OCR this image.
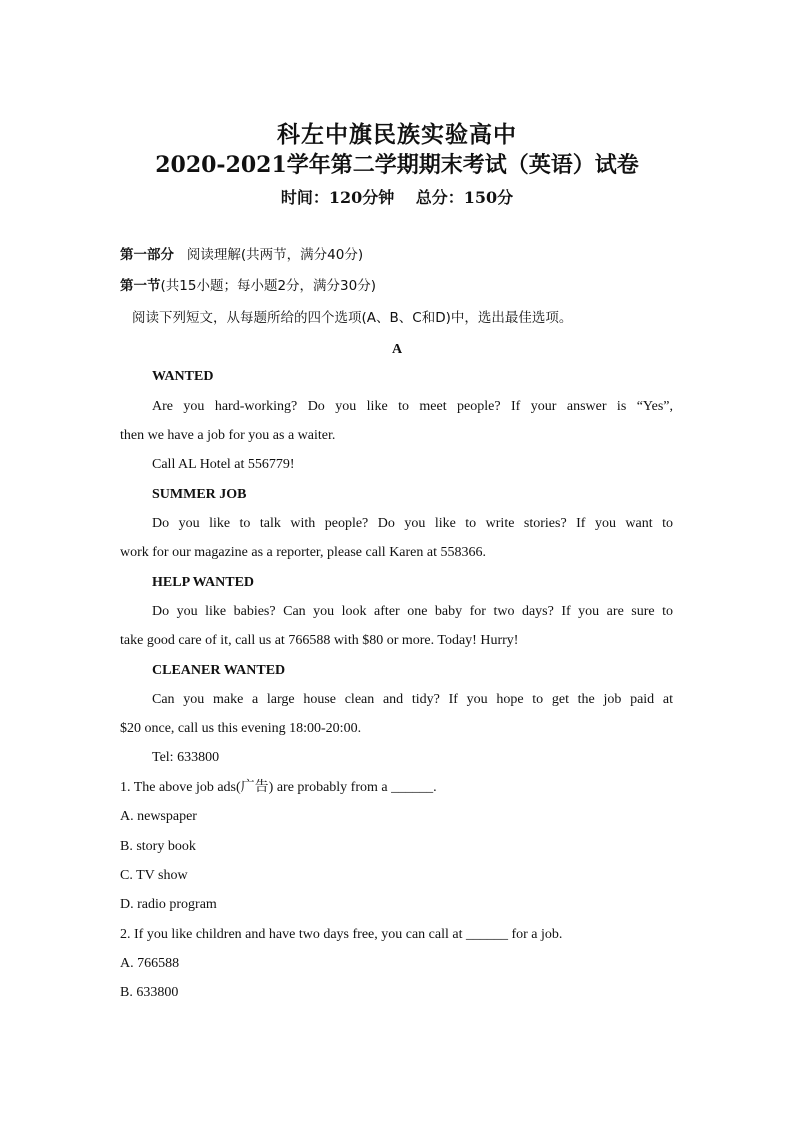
科左中旗民族实验高中
2020-2021学年第二学期期末考试（英语）试卷
时间：120分钟　 总分：150分
第一部分 阅读理解(共两节，满分40分)
第一节(共15小题；每小题2分，满分30分)
阅读下列短文，从每题所给的四个选项(A、B、C和D)中，选出最佳选项。
A
WANTED
Are you hard-working? Do you like to meet people? If your answer is “Yes”,
then we have a job for you as a waiter.
Call AL Hotel at 556779!
SUMMER JOB
Do you like to talk with people? Do you like to write stories? If you want to
work for our magazine as a reporter, please call Karen at 558366.
HELP WANTED
Do you like babies? Can you look after one baby for two days? If you are sure to
take good care of it, call us at 766588 with $80 or more. Today! Hurry!
CLEANER WANTED
Can you make a large house clean and tidy? If you hope to get the job paid at
$20 once, call us this evening 18:00-20:00.
Tel: 633800
1. The above job ads(广告) are probably from a ______.
A. newspaper
B. story book
C. TV show
D. radio program
2. If you like children and have two days free, you can call at ______ for a job.
A. 766588
B. 633800
